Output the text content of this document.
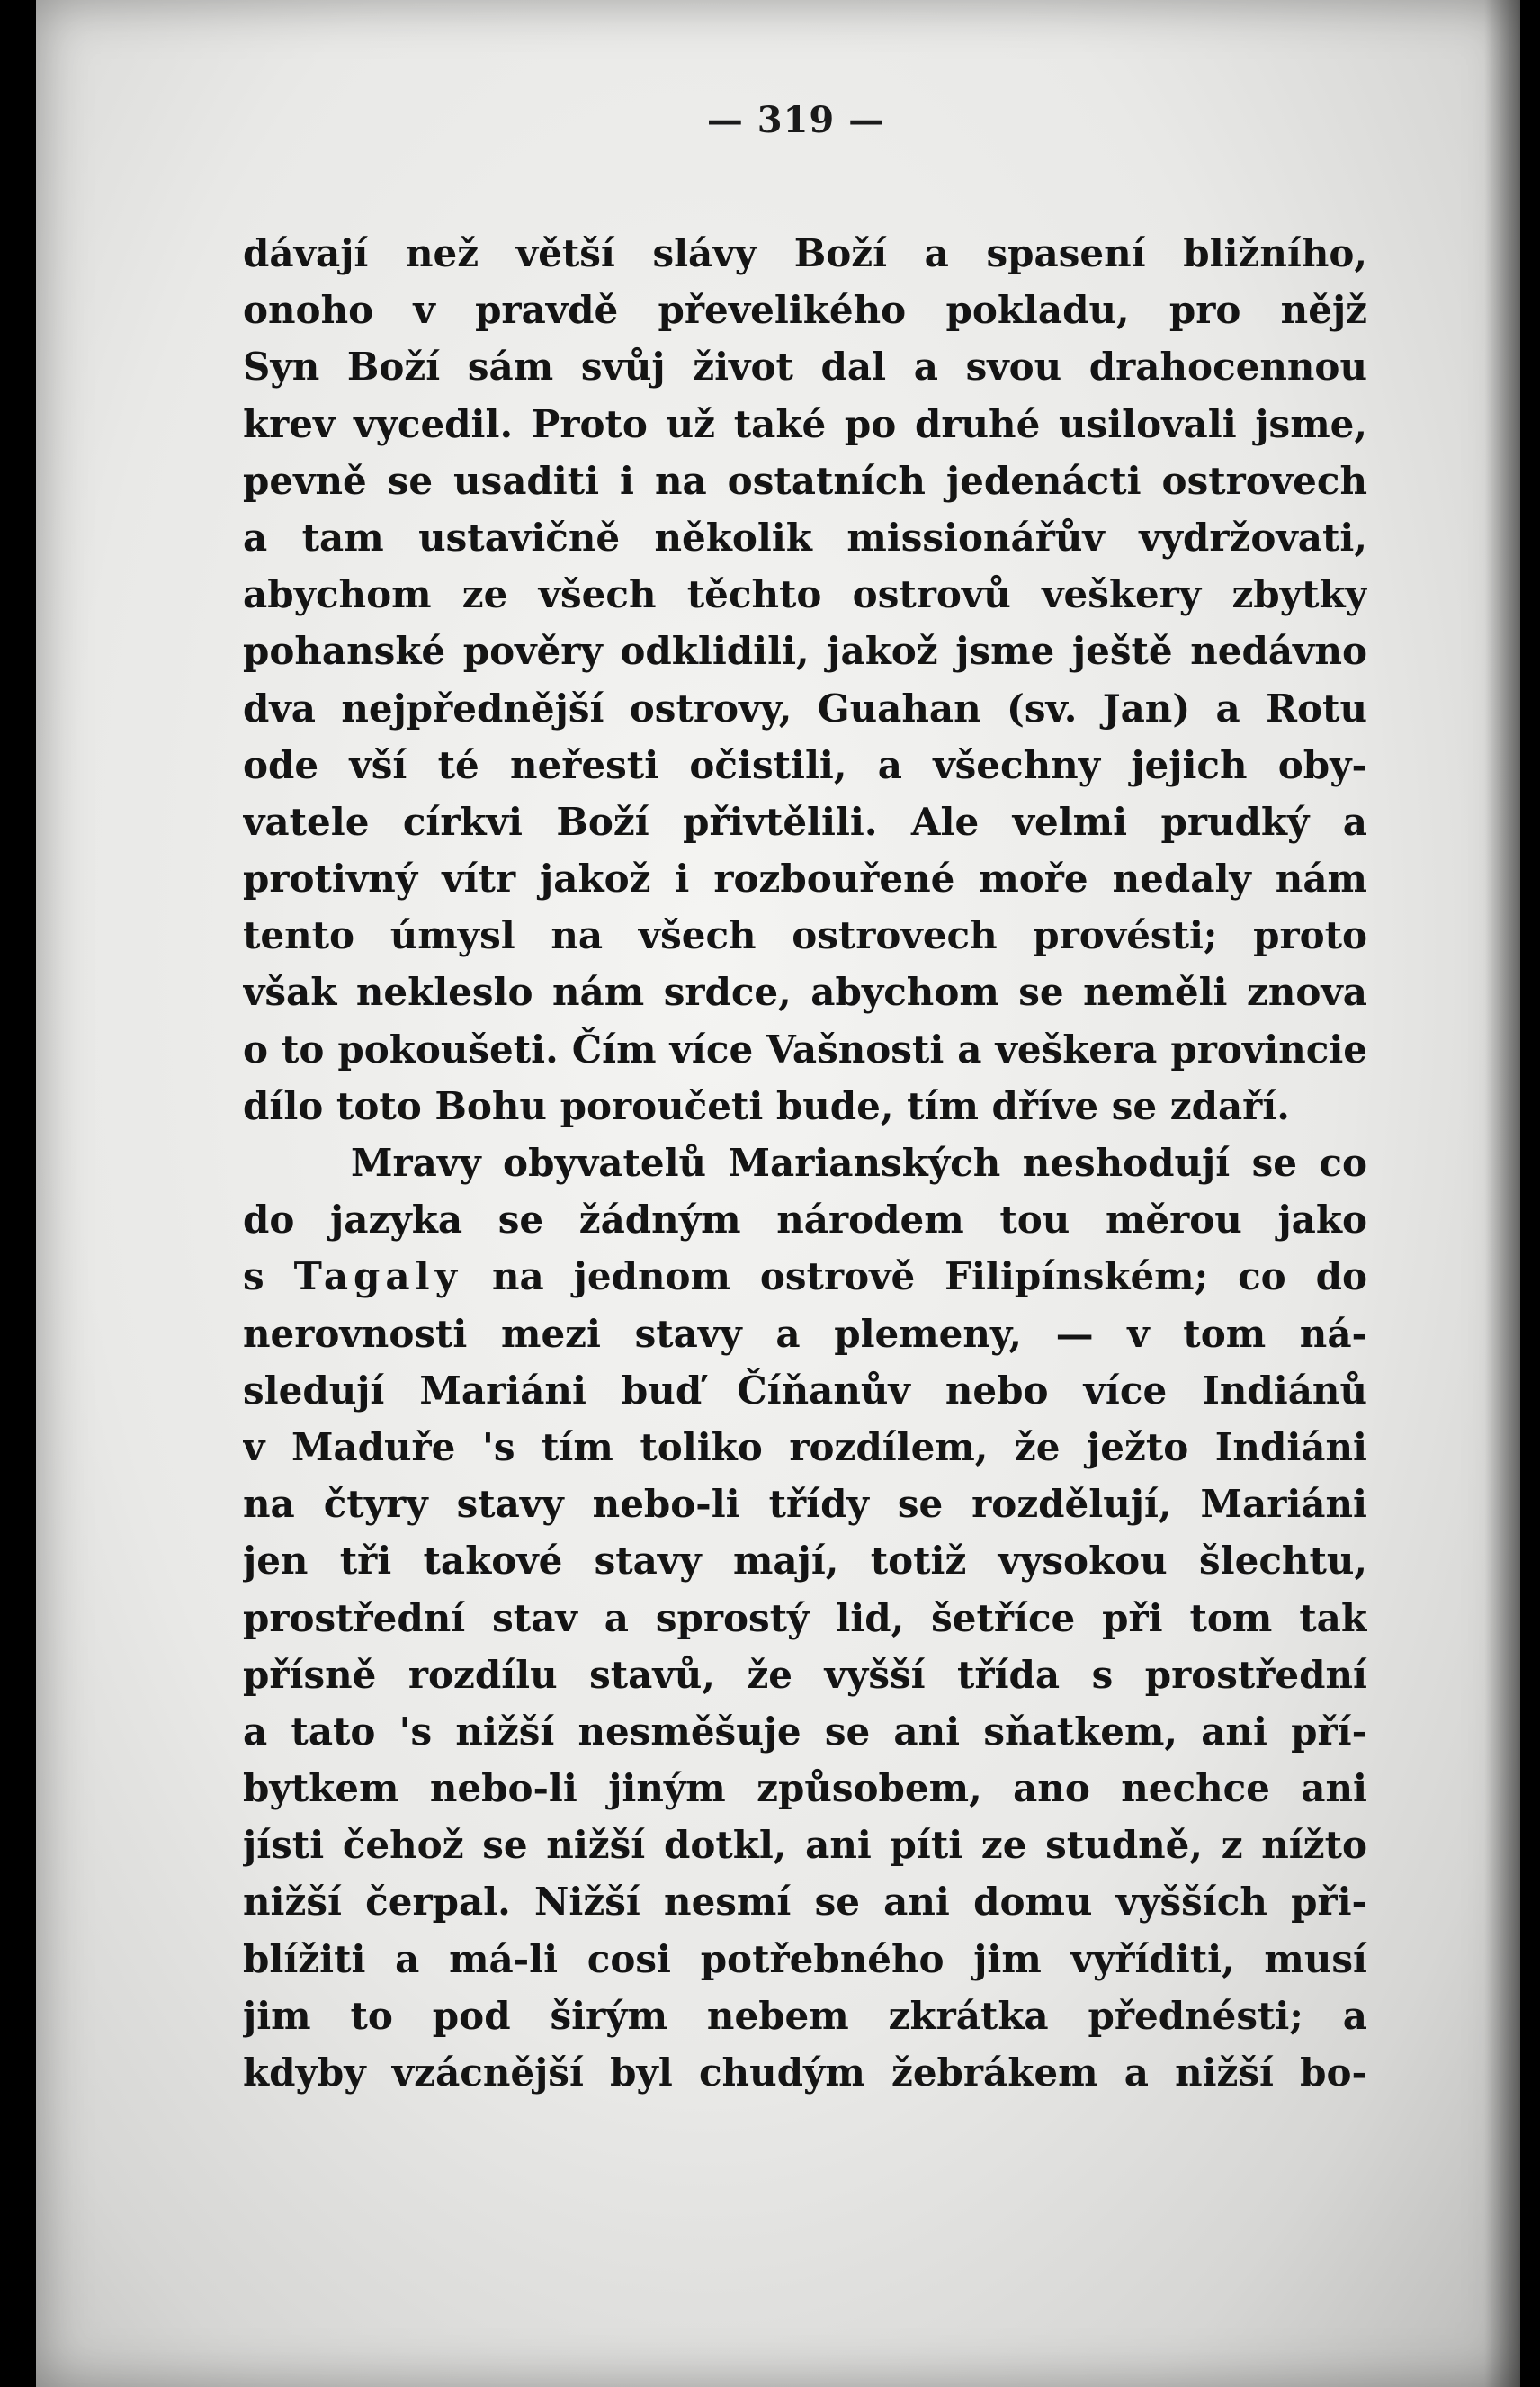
— 319 —
dávají než větší slávy Boží a spasení bližního,
onoho v pravdě převelikého pokladu, pro nějž
Syn Boží sám svůj život dal a svou drahocennou
krev vycedil. Proto už také po druhé usilovali jsme,
pevně se usaditi i na ostatních jedenácti ostrovech
a tam ustavičně několik missionářův vydržovati,
abychom ze všech těchto ostrovů veškery zbytky
pohanské pověry odklidili, jakož jsme ještě nedávno
dva nejpřednější ostrovy, Guahan (sv. Jan) a Rotu
ode vší té neřesti očistili, a všechny jejich oby-
vatele církvi Boží přivtělili. Ale velmi prudký a
protivný vítr jakož i rozbouřené moře nedaly nám
tento úmysl na všech ostrovech provésti; proto
však nekleslo nám srdce, abychom se neměli znova
o to pokoušeti. Čím více Vašnosti a veškera provincie
dílo toto Bohu poroučeti bude, tím dříve se zdaří.
Mravy obyvatelů Marianských neshodují se co
do jazyka se žádným národem tou měrou jako
s Tagaly na jednom ostrově Filipínském; co do
nerovnosti mezi stavy a plemeny, — v tom ná-
sledují Mariáni buď Číňanův nebo více Indiánů
v Maduře 's tím toliko rozdílem, že ježto Indiáni
na čtyry stavy nebo-li třídy se rozdělují, Mariáni
jen tři takové stavy mají, totiž vysokou šlechtu,
prostřední stav a sprostý lid, šetříce při tom tak
přísně rozdílu stavů, že vyšší třída s prostřední
a tato 's nižší nesměšuje se ani sňatkem, ani pří-
bytkem nebo-li jiným způsobem, ano nechce ani
jísti čehož se nižší dotkl, ani píti ze studně, z nížto
nižší čerpal. Nižší nesmí se ani domu vyšších při-
blížiti a má-li cosi potřebného jim vyříditi, musí
jim to pod širým nebem zkrátka přednésti; a
kdyby vzácnější byl chudým žebrákem a nižší bo-
